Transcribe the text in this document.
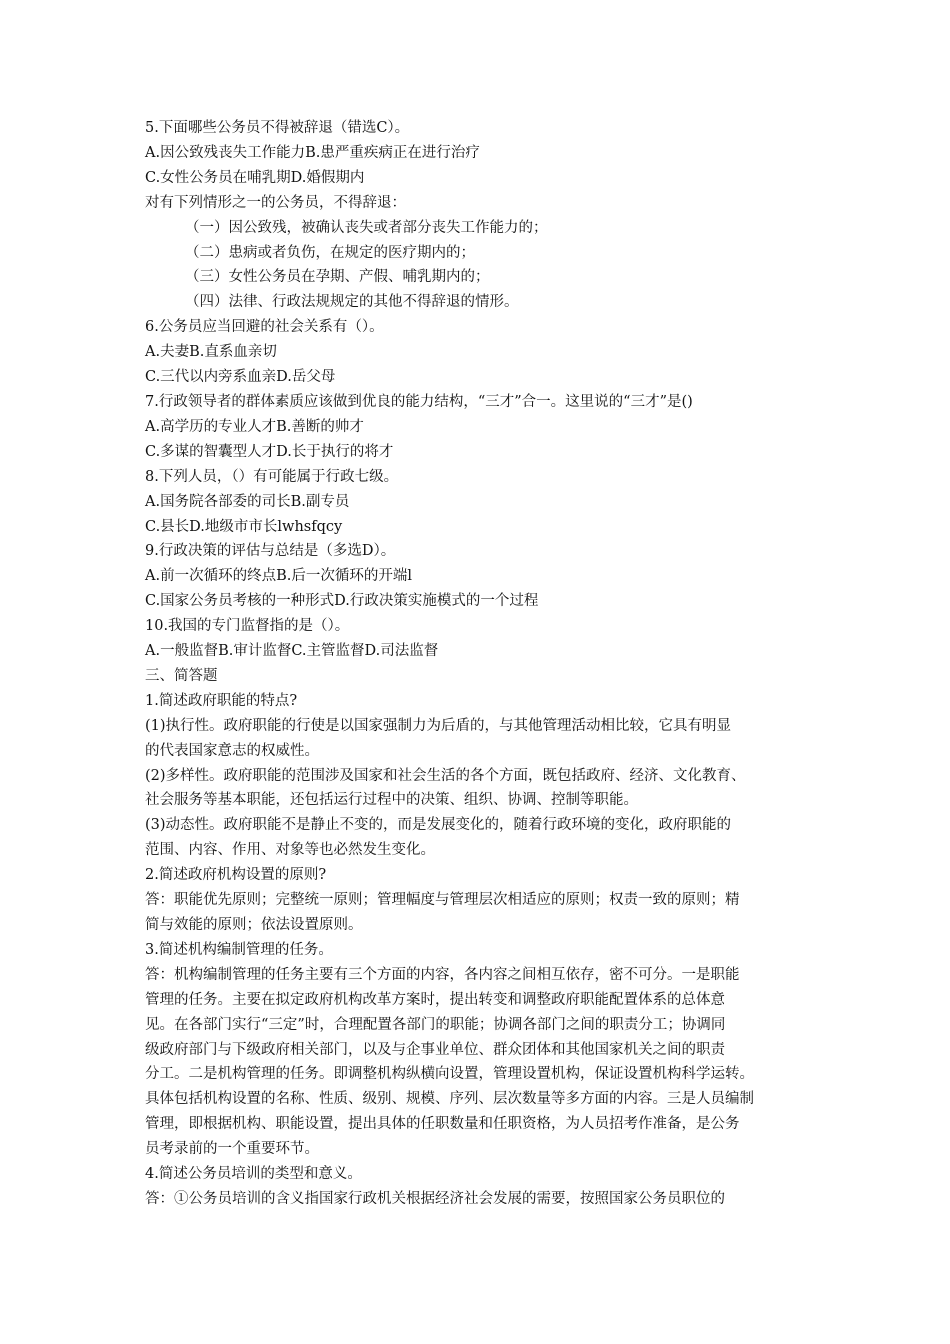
5.下面哪些公务员不得被辞退（错选C）。
A.因公致残丧失工作能力B.患严重疾病正在进行治疗
C.女性公务员在哺乳期D.婚假期内
对有下列情形之一的公务员，不得辞退：
（一）因公致残，被确认丧失或者部分丧失工作能力的；
（二）患病或者负伤，在规定的医疗期内的；
（三）女性公务员在孕期、产假、哺乳期内的；
（四）法律、行政法规规定的其他不得辞退的情形。
6.公务员应当回避的社会关系有（）。
A.夫妻B.直系血亲切
C.三代以内旁系血亲D.岳父母
7.行政领导者的群体素质应该做到优良的能力结构，“三才”合一。这里说的“三才”是()
A.高学历的专业人才B.善断的帅才
C.多谋的智囊型人才D.长于执行的将才
8.下列人员，（）有可能属于行政七级。
A.国务院各部委的司长B.副专员
C.县长D.地级市市长lwhsfqcy
9.行政决策的评估与总结是（多选D）。
A.前一次循环的终点B.后一次循环的开端l
C.国家公务员考核的一种形式D.行政决策实施模式的一个过程
10.我国的专门监督指的是（）。
A.一般监督B.审计监督C.主管监督D.司法监督
三、简答题
1.简述政府职能的特点?
(1)执行性。政府职能的行使是以国家强制力为后盾的，与其他管理活动相比较，它具有明显
的代表国家意志的权威性。
(2)多样性。政府职能的范围涉及国家和社会生活的各个方面，既包括政府、经济、文化教育、
社会服务等基本职能，还包括运行过程中的决策、组织、协调、控制等职能。
(3)动态性。政府职能不是静止不变的，而是发展变化的，随着行政环境的变化，政府职能的
范围、内容、作用、对象等也必然发生变化。
2.简述政府机构设置的原则?
答：职能优先原则；完整统一原则；管理幅度与管理层次相适应的原则；权责一致的原则；精
简与效能的原则；依法设置原则。
3.简述机构编制管理的任务。
答：机构编制管理的任务主要有三个方面的内容，各内容之间相互依存，密不可分。一是职能
管理的任务。主要在拟定政府机构改革方案时，提出转变和调整政府职能配置体系的总体意
见。在各部门实行“三定”时，合理配置各部门的职能；协调各部门之间的职责分工；协调同
级政府部门与下级政府相关部门，以及与企事业单位、群众团体和其他国家机关之间的职责
分工。二是机构管理的任务。即调整机构纵横向设置，管理设置机构，保证设置机构科学运转。
具体包括机构设置的名称、性质、级别、规模、序列、层次数量等多方面的内容。三是人员编制
管理，即根据机构、职能设置，提出具体的任职数量和任职资格，为人员招考作准备，是公务
员考录前的一个重要环节。
4.简述公务员培训的类型和意义。
答：①公务员培训的含义指国家行政机关根据经济社会发展的需要，按照国家公务员职位的
